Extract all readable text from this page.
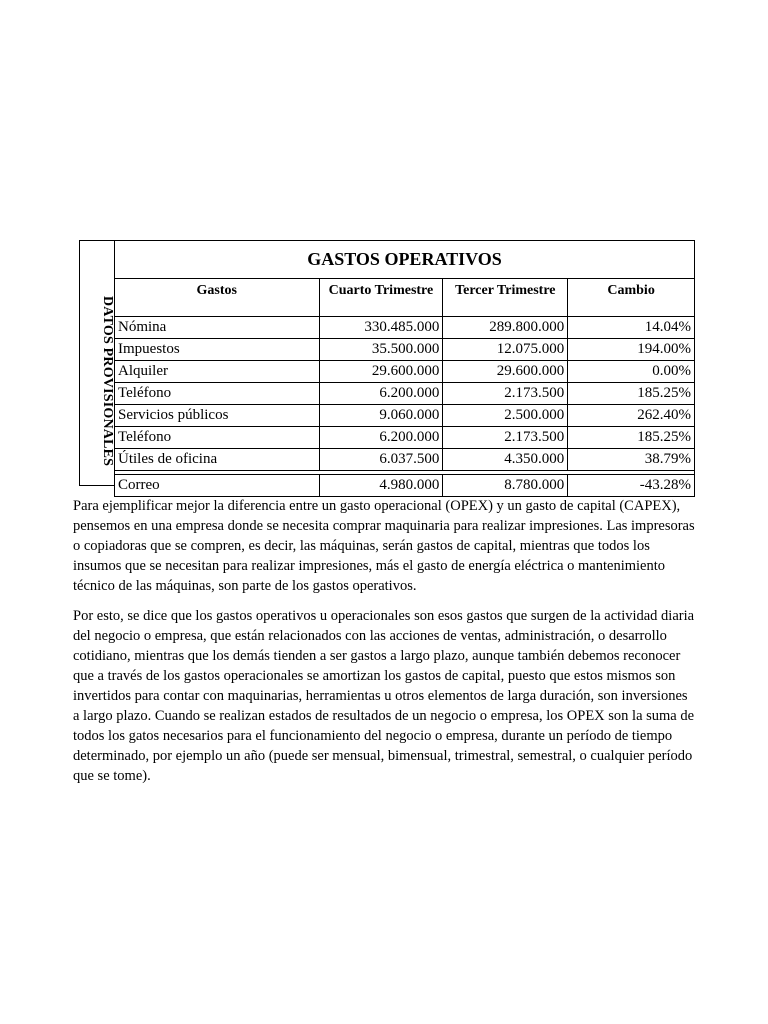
DATOS PROVISIONALES
GASTOS OPERATIVOS			
Gastos	Cuarto Trimestre	Tercer Trimestre	Cambio
Nómina	330.485.000	289.800.000	14.04%
Impuestos	35.500.000	12.075.000	194.00%
Alquiler	29.600.000	29.600.000	0.00%
Teléfono	6.200.000	2.173.500	185.25%
Servicios públicos	9.060.000	2.500.000	262.40%
Teléfono	6.200.000	2.173.500	185.25%
Útiles de oficina	6.037.500	4.350.000	38.79%

Correo	4.980.000	8.780.000	-43.28%

Para ejemplificar mejor la diferencia entre un gasto operacional (OPEX) y un gasto de capital (CAPEX), pensemos en una empresa donde se necesita comprar maquinaria para realizar impresiones. Las impresoras o copiadoras que se compren, es decir, las máquinas, serán gastos de capital, mientras que todos los insumos que se necesitan para realizar impresiones, más el gasto de energía eléctrica o mantenimiento técnico de las máquinas, son parte de los gastos operativos.

Por esto, se dice que los gastos operativos u operacionales son esos gastos que surgen de la actividad diaria del negocio o empresa, que están relacionados con las acciones de ventas, administración, o desarrollo cotidiano, mientras que los demás tienden a ser gastos a largo plazo, aunque también debemos reconocer que a través de los gastos operacionales se amortizan los gastos de capital, puesto que estos mismos son invertidos para contar con maquinarias, herramientas u otros elementos de larga duración, son inversiones a largo plazo. Cuando se realizan estados de resultados de un negocio o empresa, los OPEX son la suma de todos los gatos necesarios para el funcionamiento del negocio o empresa, durante un período de tiempo determinado, por ejemplo un año (puede ser mensual, bimensual, trimestral, semestral, o cualquier período que se tome).
